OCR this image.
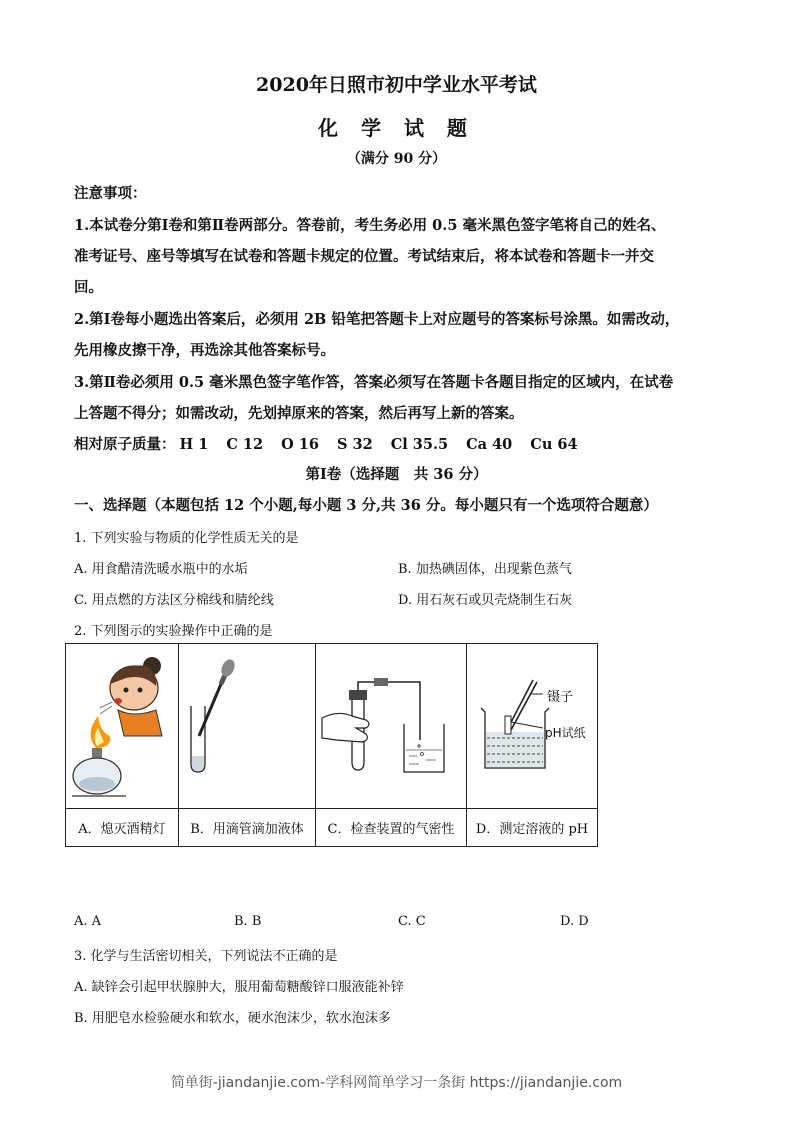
2020年日照市初中学业水平考试
化 学 试 题
（满分 90 分）
注意事项：
1.本试卷分第Ⅰ卷和第Ⅱ卷两部分。答卷前，考生务必用 0.5 毫米黑色签字笔将自己的姓名、
准考证号、座号等填写在试卷和答题卡规定的位置。考试结束后，将本试卷和答题卡一并交
回。
2.第Ⅰ卷每小题选出答案后，必须用 2B 铅笔把答题卡上对应题号的答案标号涂黑。如需改动，
先用橡皮擦干净，再选涂其他答案标号。
3.第Ⅱ卷必须用 0.5 毫米黑色签字笔作答，答案必须写在答题卡各题目指定的区域内，在试卷
上答题不得分；如需改动，先划掉原来的答案，然后再写上新的答案。
相对原子质量： H 1 C 12 O 16 S 32 Cl 35.5 Ca 40 Cu 64
第Ⅰ卷（选择题　共 36 分）
一、选择题（本题包括 12 个小题,每小题 3 分,共 36 分。每小题只有一个选项符合题意）
1. 下列实验与物质的化学性质无关的是
A. 用食醋清洗暖水瓶中的水垢	B. 加热碘固体，出现紫色蒸气
C. 用点燃的方法区分棉线和腈纶线	D. 用石灰石或贝壳烧制生石灰
2. 下列图示的实验操作中正确的是

镊子
pH试纸

A．熄灭酒精灯	B．用滴管滴加液体	C．检查装置的气密性	D．测定溶液的 pH
A. A	B. B	C. C	D. D
3. 化学与生活密切相关，下列说法不正确的是
A. 缺锌会引起甲状腺肿大，服用葡萄糖酸锌口服液能补锌
B. 用肥皂水检验硬水和软水，硬水泡沫少，软水泡沫多
简单街-jiandanjie.com-学科网简单学习一条街 https://jiandanjie.com
